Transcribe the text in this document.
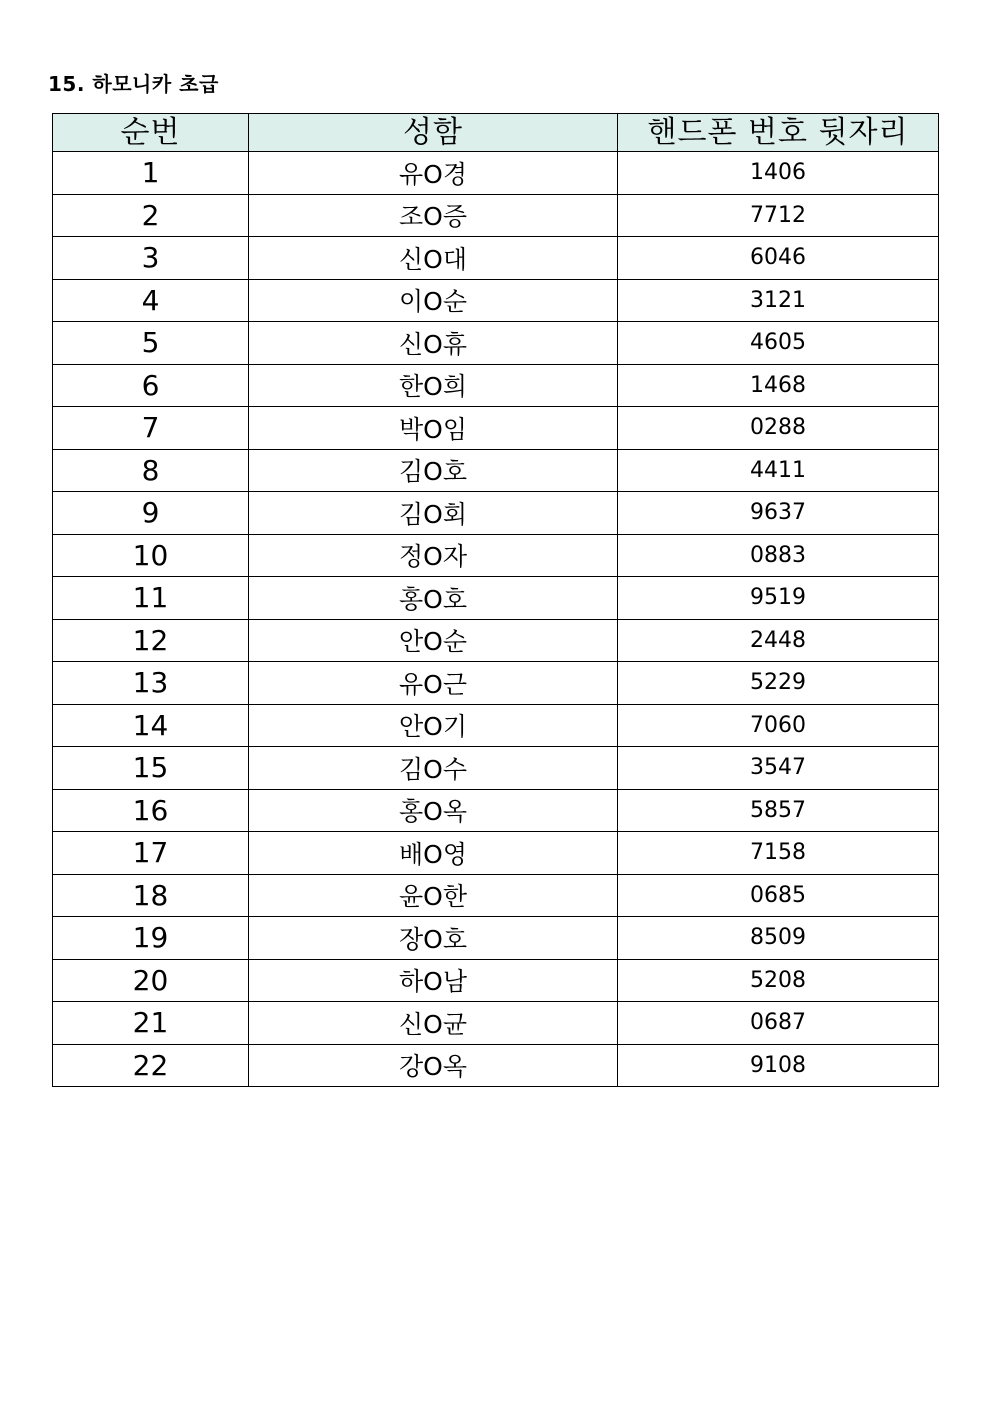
15. 하모니카 초급
순번	성함	핸드폰 번호 뒷자리
1	유O경	1406
2	조O증	7712
3	신O대	6046
4	이O순	3121
5	신O휴	4605
6	한O희	1468
7	박O임	0288
8	김O호	4411
9	김O회	9637
10	정O자	0883
11	홍O호	9519
12	안O순	2448
13	유O근	5229
14	안O기	7060
15	김O수	3547
16	홍O옥	5857
17	배O영	7158
18	윤O한	0685
19	장O호	8509
20	하O남	5208
21	신O균	0687
22	강O옥	9108
